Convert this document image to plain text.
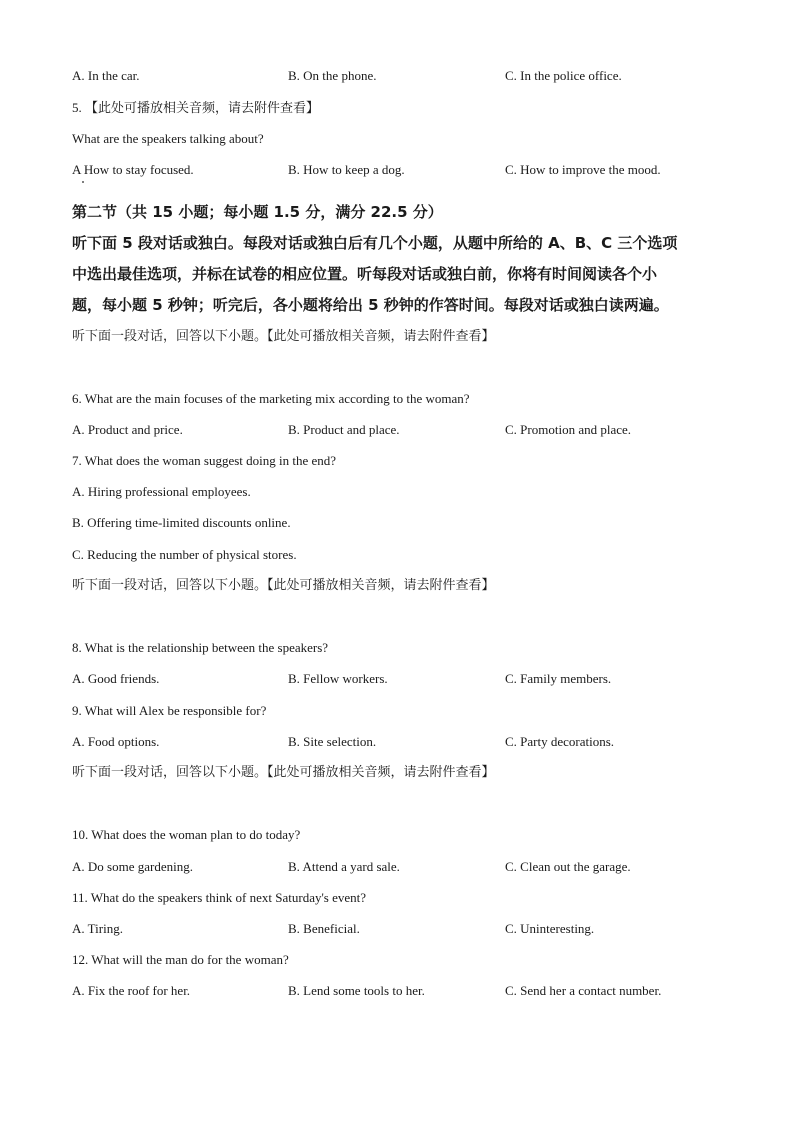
A. In the car.	B. On the phone.	C. In the police office.
5. 【此处可播放相关音频，请去附件查看】
What are the speakers talking about?
A How to stay focused.	B. How to keep a dog.	C. How to improve the mood.
第二节（共 15 小题；每小题 1.5 分，满分 22.5 分）
听下面 5 段对话或独白。每段对话或独白后有几个小题，从题中所给的 A、B、C 三个选项
中选出最佳选项，并标在试卷的相应位置。听每段对话或独白前，你将有时间阅读各个小
题，每小题 5 秒钟；听完后，各小题将给出 5 秒钟的作答时间。每段对话或独白读两遍。
听下面一段对话，回答以下小题。【此处可播放相关音频，请去附件查看】
6. What are the main focuses of the marketing mix according to the woman?
A. Product and price.	B. Product and place.	C. Promotion and place.
7. What does the woman suggest doing in the end?
A. Hiring professional employees.
B. Offering time-limited discounts online.
C. Reducing the number of physical stores.
听下面一段对话，回答以下小题。【此处可播放相关音频，请去附件查看】
8. What is the relationship between the speakers?
A. Good friends.	B. Fellow workers.	C. Family members.
9. What will Alex be responsible for?
A. Food options.	B. Site selection.	C. Party decorations.
听下面一段对话，回答以下小题。【此处可播放相关音频，请去附件查看】
10. What does the woman plan to do today?
A. Do some gardening.	B. Attend a yard sale.	C. Clean out the garage.
11. What do the speakers think of next Saturday's event?
A. Tiring.	B. Beneficial.	C. Uninteresting.
12. What will the man do for the woman?
A. Fix the roof for her.	B. Lend some tools to her.	C. Send her a contact number.
